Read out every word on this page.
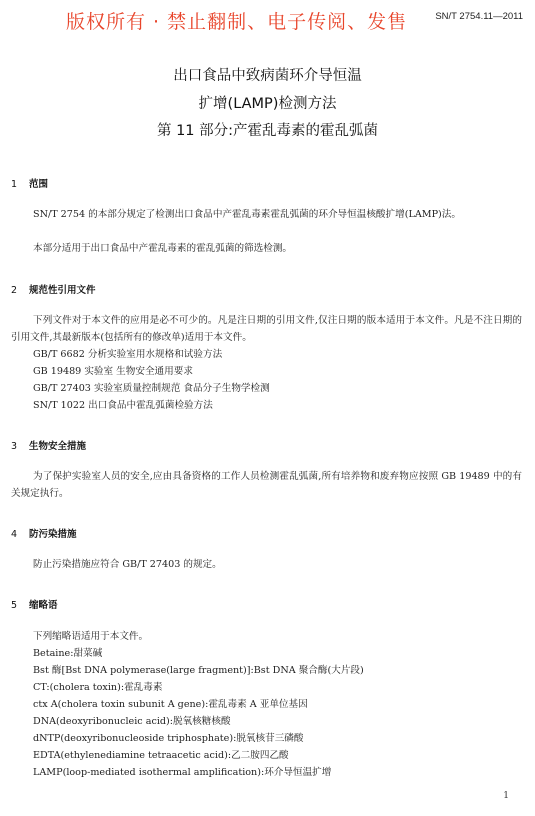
版权所有 · 禁止翻制、电子传阅、发售	SN/T 2754.11—2011
出口食品中致病菌环介导恒温
扩增(LAMP)检测方法
第 11 部分:产霍乱毒素的霍乱弧菌
1 范围
SN/T 2754 的本部分规定了检测出口食品中产霍乱毒素霍乱弧菌的环介导恒温核酸扩增(LAMP)法。
本部分适用于出口食品中产霍乱毒素的霍乱弧菌的筛选检测。
2 规范性引用文件
下列文件对于本文件的应用是必不可少的。凡是注日期的引用文件,仅注日期的版本适用于本文件。凡是不注日期的引用文件,其最新版本(包括所有的修改单)适用于本文件。
GB/T 6682 分析实验室用水规格和试验方法
GB 19489 实验室 生物安全通用要求
GB/T 27403 实验室质量控制规范 食品分子生物学检测
SN/T 1022 出口食品中霍乱弧菌检验方法
3 生物安全措施
为了保护实验室人员的安全,应由具备资格的工作人员检测霍乱弧菌,所有培养物和废弃物应按照 GB 19489 中的有关规定执行。
4 防污染措施
防止污染措施应符合 GB/T 27403 的规定。
5 缩略语
下列缩略语适用于本文件。
Betaine:甜菜碱
Bst 酶[Bst DNA polymerase(large fragment)]:Bst DNA 聚合酶(大片段)
CT:(cholera toxin):霍乱毒素
ctx A(cholera toxin subunit A gene):霍乱毒素 A 亚单位基因
DNA(deoxyribonucleic acid):脱氧核糖核酸
dNTP(deoxyribonucleoside triphosphate):脱氧核苷三磷酸
EDTA(ethylenediamine tetraacetic acid):乙二胺四乙酸
LAMP(loop-mediated isothermal amplification):环介导恒温扩增
1
